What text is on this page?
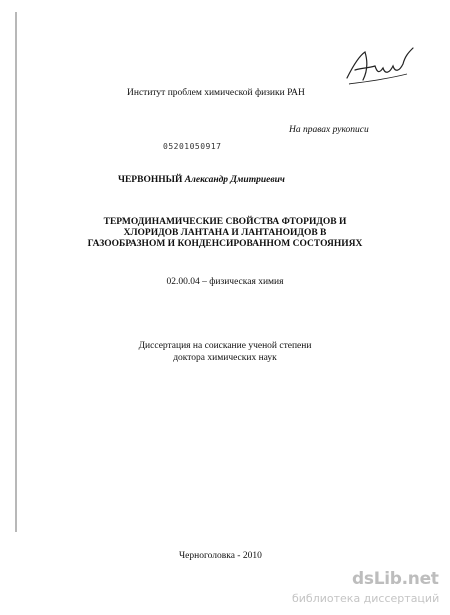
Институт проблем химической физики РАН
На правах рукописи
05201050917
ЧЕРВОННЫЙ Александр Дмитриевич
ТЕРМОДИНАМИЧЕСКИЕ СВОЙСТВА ФТОРИДОВ И
ХЛОРИДОВ ЛАНТАНА И ЛАНТАНОИДОВ В
ГАЗООБРАЗНОМ И КОНДЕНСИРОВАННОМ СОСТОЯНИЯХ
02.00.04 – физическая химия
Диссертация на соискание ученой степени
доктора химических наук
Черноголовка - 2010
dsLib.net
библиотека диссертаций
